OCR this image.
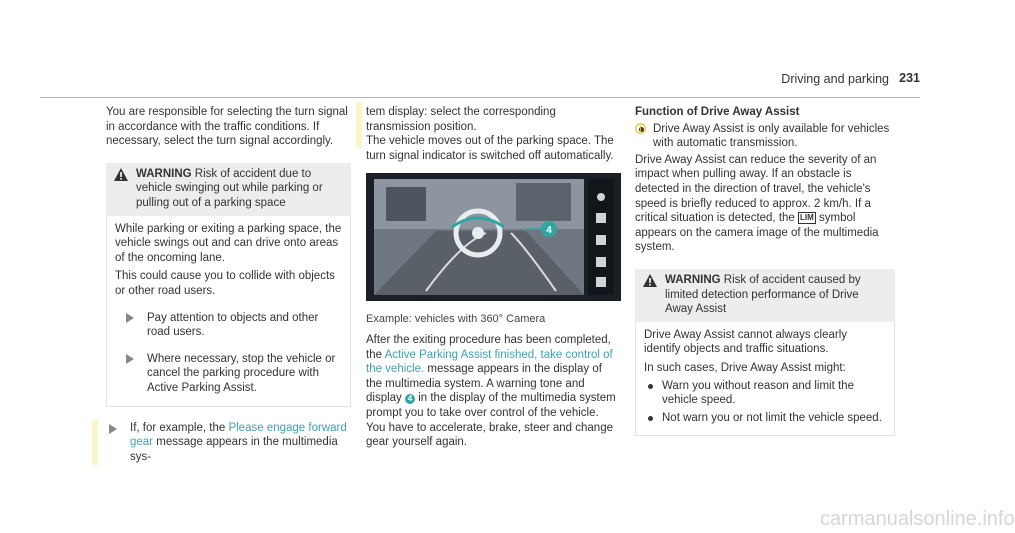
Driving and parking 231

You are responsible for selecting the turn signal in accordance with the traffic conditions. If necessary, select the turn signal accordingly.

WARNING Risk of accident due to vehicle swinging out while parking or pulling out of a parking space

While parking or exiting a parking space, the vehicle swings out and can drive onto areas of the oncoming lane.

This could cause you to collide with objects or other road users.

Pay attention to objects and other road users.
Where necessary, stop the vehicle or cancel the parking procedure with Active Parking Assist.
If, for example, the Please engage forward gear message appears in the multimedia sys-

tem display: select the corresponding transmission position.

The vehicle moves out of the parking space. The turn signal indicator is switched off automatically.

4

Example: vehicles with 360° Camera

After the exiting procedure has been completed, the Active Parking Assist finished, take control of the vehicle. message appears in the display of the multimedia system. A warning tone and display 4 in the display of the multimedia system prompt you to take over control of the vehicle. You have to accelerate, brake, steer and change gear yourself again.

Function of Drive Away Assist

Drive Away Assist is only available for vehicles with automatic transmission.

Drive Away Assist can reduce the severity of an impact when pulling away. If an obstacle is detected in the direction of travel, the vehicle's speed is briefly reduced to approx. 2 km/h. If a critical situation is detected, the LIM symbol appears on the camera image of the multimedia system.

WARNING Risk of accident caused by limited detection performance of Drive Away Assist

Drive Away Assist cannot always clearly identify objects and traffic situations.

In such cases, Drive Away Assist might:

Warn you without reason and limit the vehicle speed.
Not warn you or not limit the vehicle speed.
carmanualsonline.info
